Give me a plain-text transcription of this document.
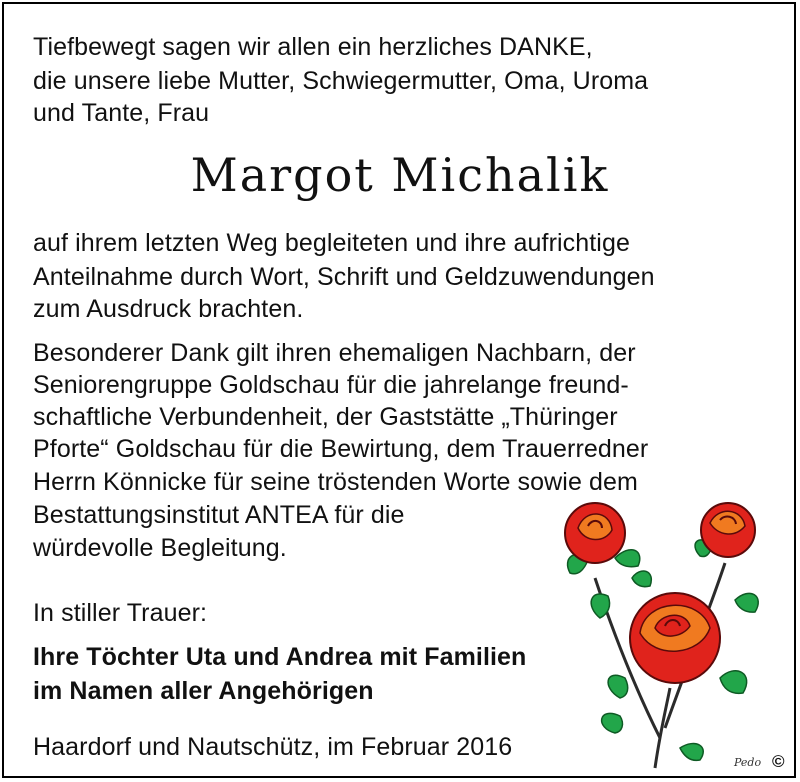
Tiefbewegt sagen wir allen ein herzliches DANKE,
die unsere liebe Mutter, Schwiegermutter, Oma, Uroma
und Tante, Frau
Margot Michalik
auf ihrem letzten Weg begleiteten und ihre aufrichtige
Anteilnahme durch Wort, Schrift und Geldzuwendungen
zum Ausdruck brachten.
Besonderer Dank gilt ihren ehemaligen Nachbarn, der
Seniorengruppe Goldschau für die jahrelange freund-
schaftliche Verbundenheit, der Gaststätte „Thüringer
Pforte“ Goldschau für die Bewirtung, dem Trauerredner
Herrn Könnicke für seine tröstenden Worte sowie dem
Bestattungsinstitut ANTEA für die
würdevolle Begleitung.
In stiller Trauer:
Ihre Töchter Uta und Andrea mit Familien
im Namen aller Angehörigen
Haardorf und Nautschütz, im Februar 2016
Pedo ©
